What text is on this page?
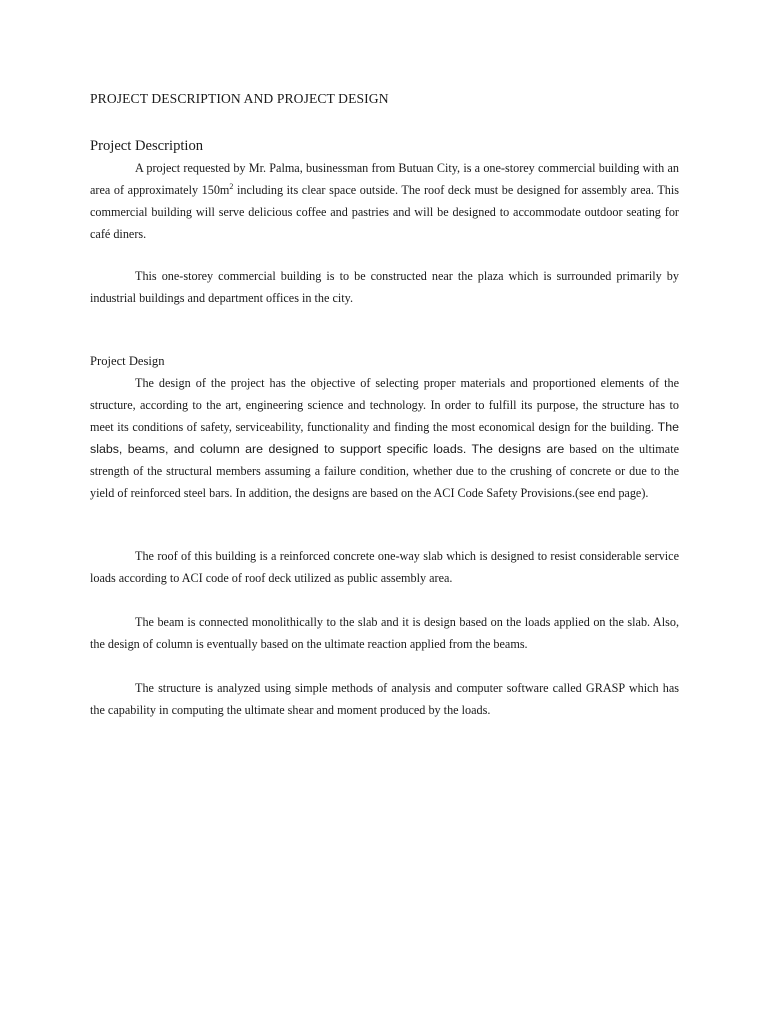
PROJECT DESCRIPTION AND PROJECT DESIGN
Project Description

A project requested by Mr. Palma, businessman from Butuan City, is a one-storey commercial building with an area of approximately $150m^2$ including its clear space outside. The roof deck must be designed for assembly area. This commercial building will serve delicious coffee and pastries and will be designed to accommodate outdoor seating for café diners.

This one-storey commercial building is to be constructed near the plaza which is surrounded primarily by industrial buildings and department offices in the city.

Project Design

The design of the project has the objective of selecting proper materials and proportioned elements of the structure, according to the art, engineering science and technology. In order to fulfill its purpose, the structure has to meet its conditions of safety, serviceability, functionality and finding the most economical design for the building. The slabs, beams, and column are designed to support specific loads. The designs are based on the ultimate strength of the structural members assuming a failure condition, whether due to the crushing of concrete or due to the yield of reinforced steel bars. In addition, the designs are based on the ACI Code Safety Provisions.(see end page).

The roof of this building is a reinforced concrete one-way slab which is designed to resist considerable service loads according to ACI code of roof deck utilized as public assembly area.

The beam is connected monolithically to the slab and it is design based on the loads applied on the slab. Also, the design of column is eventually based on the ultimate reaction applied from the beams.

The structure is analyzed using simple methods of analysis and computer software called GRASP which has the capability in computing the ultimate shear and moment produced by the loads.
